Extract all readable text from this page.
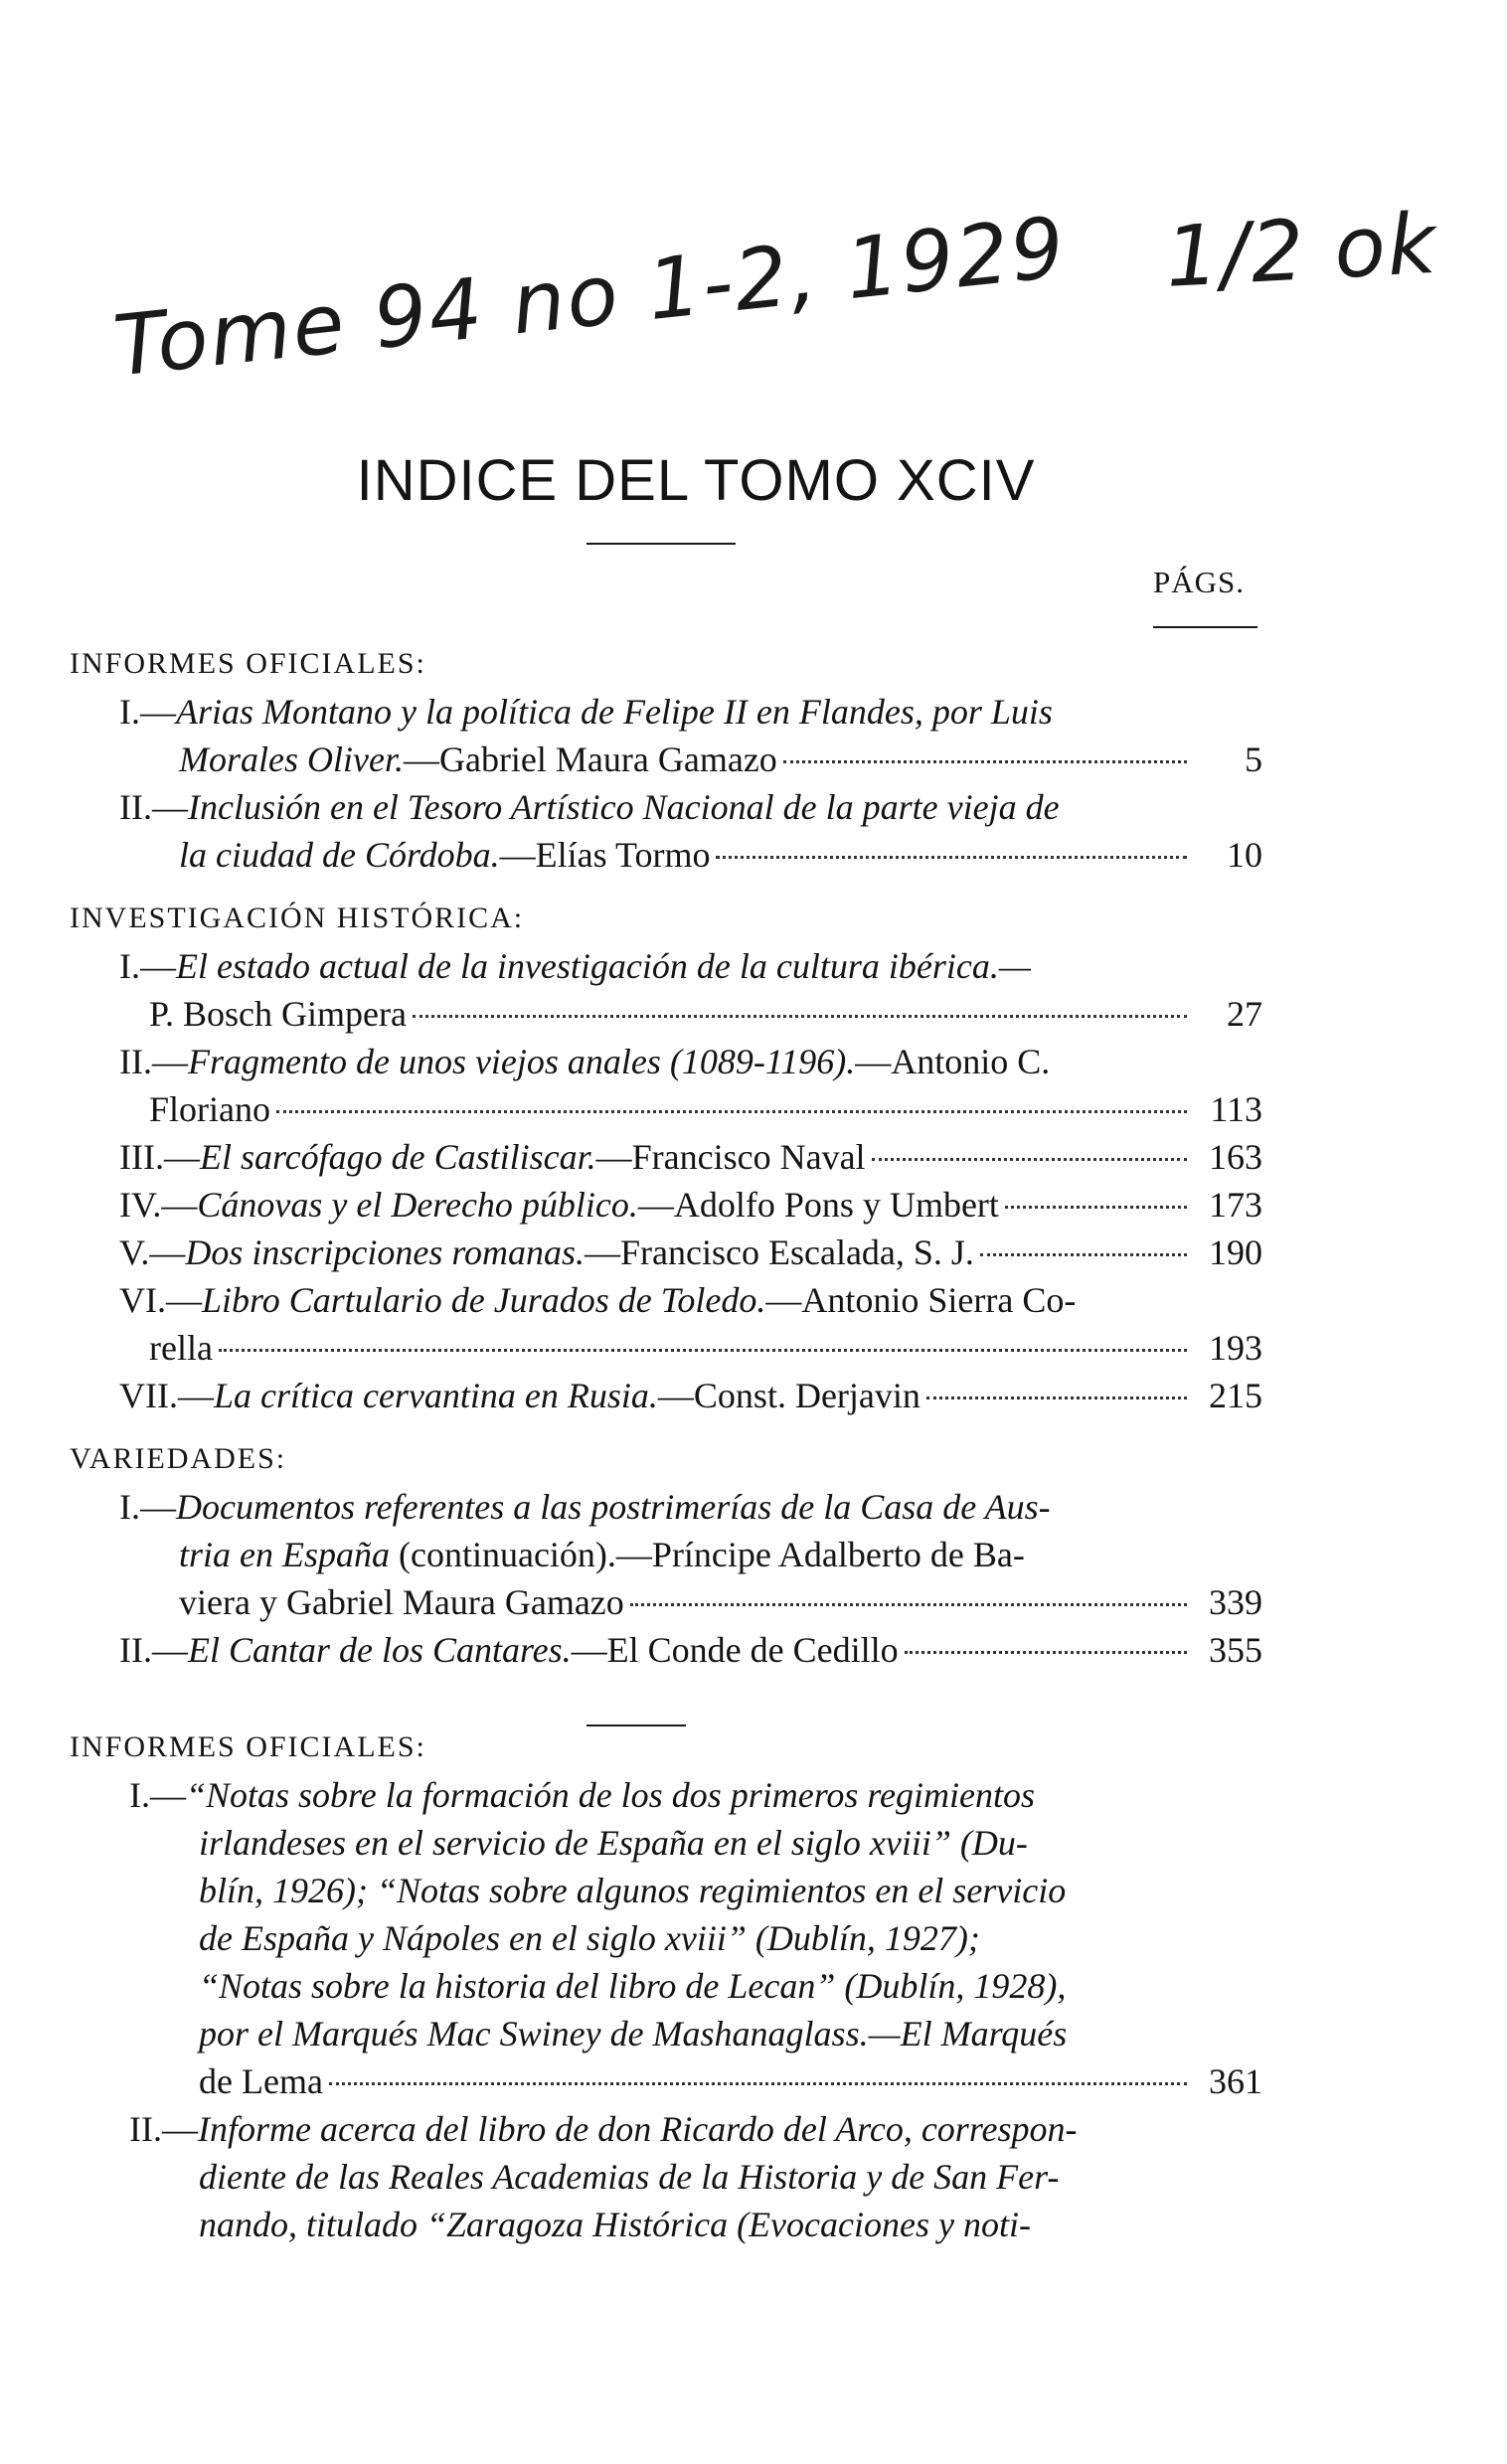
Tome 94 no 1-2, 1929 1/2 ok
INDICE DEL TOMO XCIV
PÁGS.
INFORMES OFICIALES:
I.—Arias Montano y la política de Felipe II en Flandes, por Luis
Morales Oliver.—Gabriel Maura Gamazo	5
II.—Inclusión en el Tesoro Artístico Nacional de la parte vieja de
la ciudad de Córdoba.—Elías Tormo	10
INVESTIGACIÓN HISTÓRICA:
I.—El estado actual de la investigación de la cultura ibérica.—
P. Bosch Gimpera	27
II.—Fragmento de unos viejos anales (1089-1196).—Antonio C.
Floriano	113
III.—El sarcófago de Castiliscar.—Francisco Naval	163
IV.—Cánovas y el Derecho público.—Adolfo Pons y Umbert	173
V.—Dos inscripciones romanas.—Francisco Escalada, S. J.	190
VI.—Libro Cartulario de Jurados de Toledo.—Antonio Sierra Co-
rella	193
VII.—La crítica cervantina en Rusia.—Const. Derjavin	215
VARIEDADES:
I.—Documentos referentes a las postrimerías de la Casa de Aus-
tria en España (continuación).—Príncipe Adalberto de Ba-
viera y Gabriel Maura Gamazo	339
II.—El Cantar de los Cantares.—El Conde de Cedillo	355
INFORMES OFICIALES:
I.—“Notas sobre la formación de los dos primeros regimientos
irlandeses en el servicio de España en el siglo xviii” (Du-
blín, 1926); “Notas sobre algunos regimientos en el servicio
de España y Nápoles en el siglo xviii” (Dublín, 1927);
“Notas sobre la historia del libro de Lecan” (Dublín, 1928),
por el Marqués Mac Swiney de Mashanaglass.—El Marqués
de Lema	361
II.—Informe acerca del libro de don Ricardo del Arco, correspon-
diente de las Reales Academias de la Historia y de San Fer-
nando, titulado “Zaragoza Histórica (Evocaciones y noti-
